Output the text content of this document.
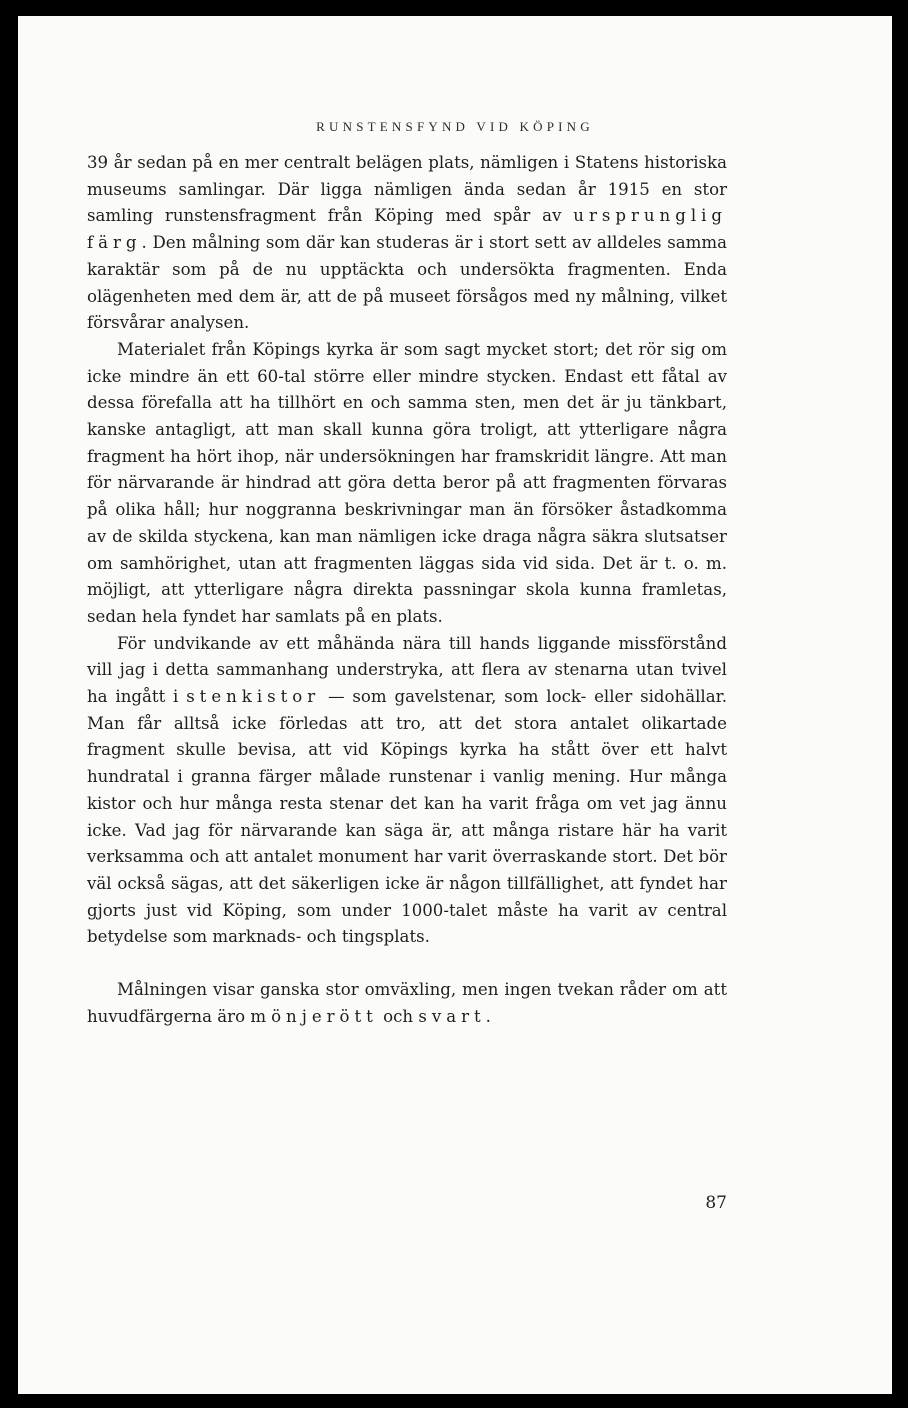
RUNSTENSFYND VID KÖPING

39 år sedan på en mer centralt belägen plats, nämligen i Statens historiska museums samlingar. Där ligga nämligen ända sedan år 1915 en stor samling runstensfragment från Köping med spår av ursprunglig färg. Den målning som där kan studeras är i stort sett av alldeles samma karaktär som på de nu upptäckta och undersökta fragmenten. Enda olägenheten med dem är, att de på museet försågos med ny målning, vilket försvårar analysen.

Materialet från Köpings kyrka är som sagt mycket stort; det rör sig om icke mindre än ett 60-tal större eller mindre stycken. Endast ett fåtal av dessa förefalla att ha tillhört en och samma sten, men det är ju tänkbart, kanske antagligt, att man skall kunna göra troligt, att ytterligare några fragment ha hört ihop, när undersökningen har framskridit längre. Att man för närvarande är hindrad att göra detta beror på att fragmenten förvaras på olika håll; hur noggranna beskrivningar man än försöker åstadkomma av de skilda styckena, kan man nämligen icke draga några säkra slutsatser om samhörighet, utan att fragmenten läggas sida vid sida. Det är t. o. m. möjligt, att ytterligare några direkta passningar skola kunna framletas, sedan hela fyndet har samlats på en plats.

För undvikande av ett måhända nära till hands liggande missförstånd vill jag i detta sammanhang understryka, att flera av stenarna utan tvivel ha ingått i stenkistor — som gavelstenar, som lock- eller sidohällar. Man får alltså icke förledas att tro, att det stora antalet olikartade fragment skulle bevisa, att vid Köpings kyrka ha stått över ett halvt hundratal i granna färger målade runstenar i vanlig mening. Hur många kistor och hur många resta stenar det kan ha varit fråga om vet jag ännu icke. Vad jag för närvarande kan säga är, att många ristare här ha varit verksamma och att antalet monument har varit överraskande stort. Det bör väl också sägas, att det säkerligen icke är någon tillfällighet, att fyndet har gjorts just vid Köping, som under 1000-talet måste ha varit av central betydelse som marknads- och tingsplats.

Målningen visar ganska stor omväxling, men ingen tvekan råder om att huvudfärgerna äro mönjerött och svart.

87
